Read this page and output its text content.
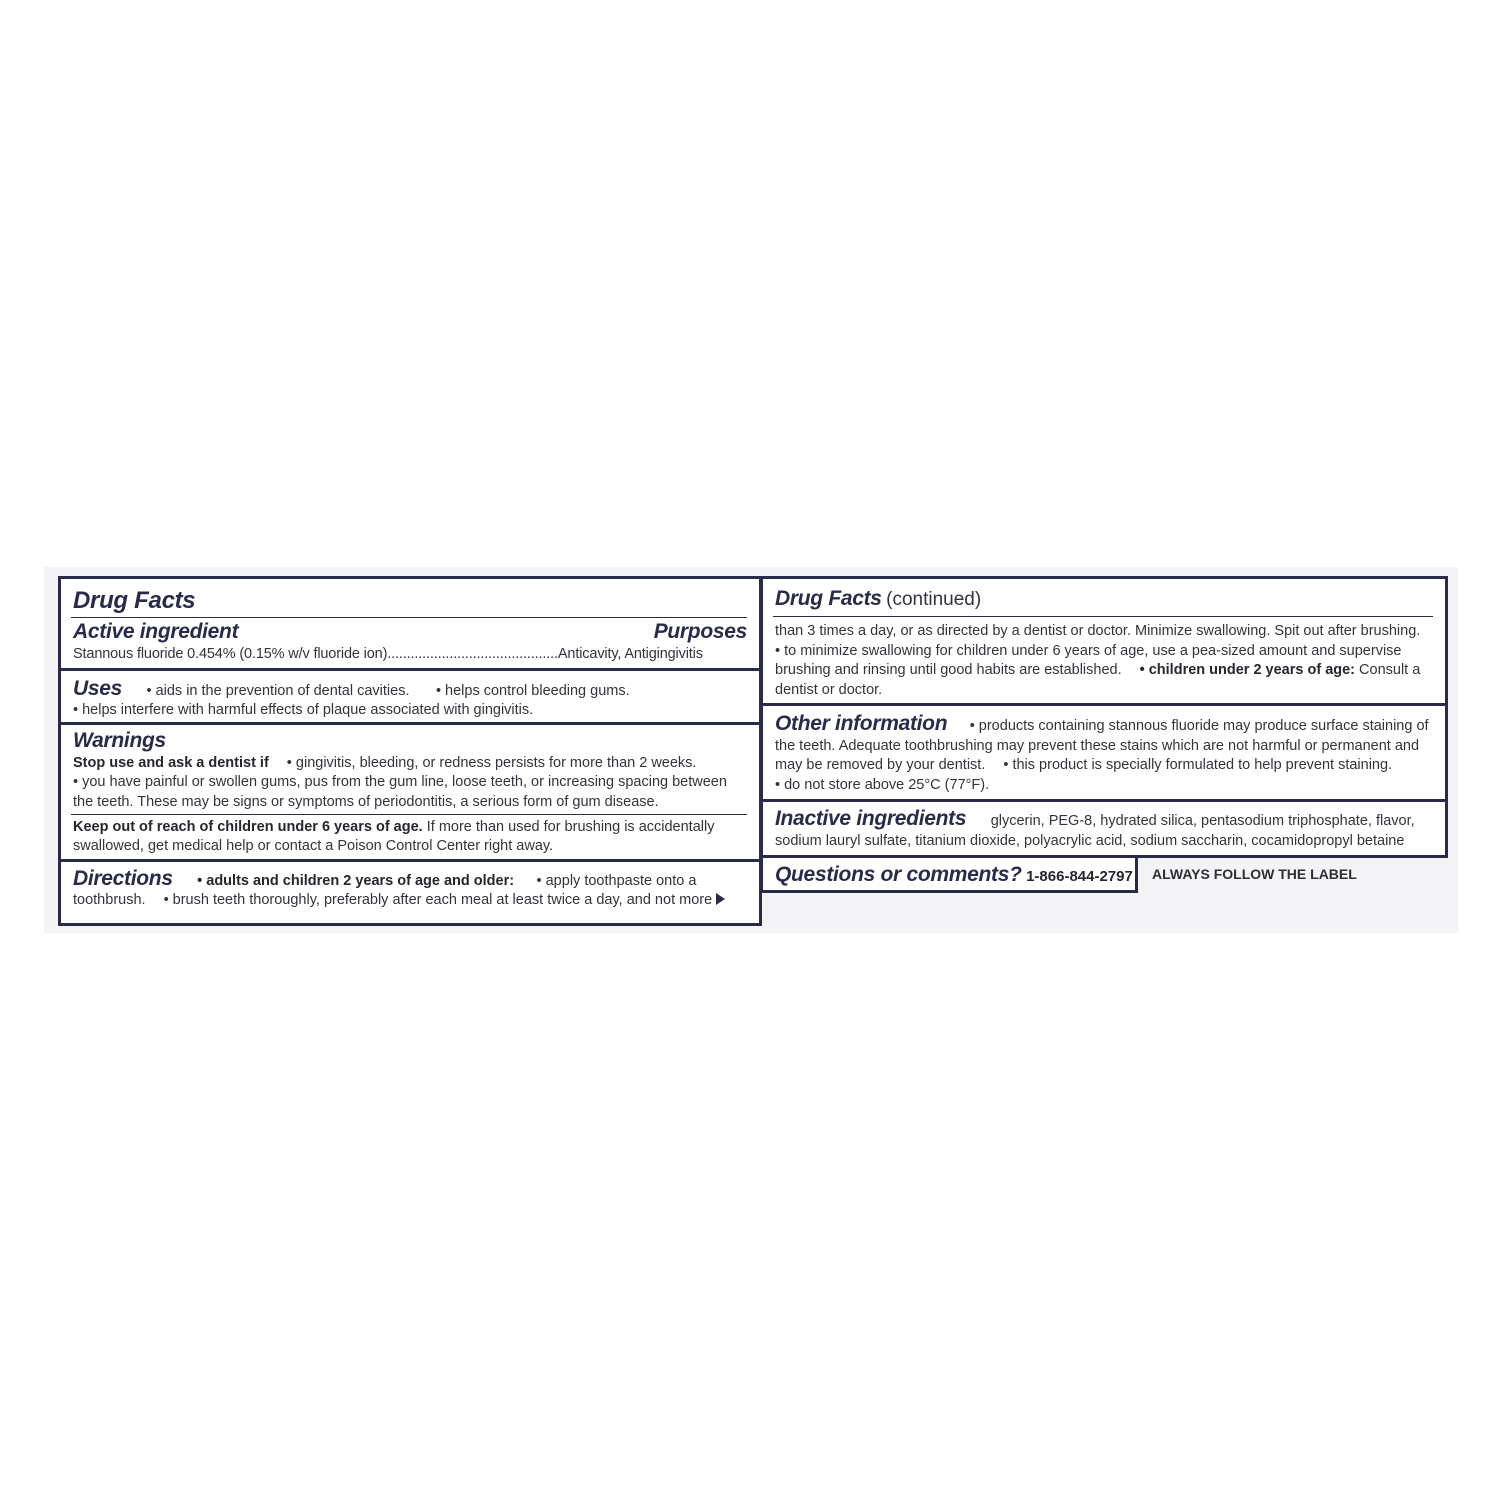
Drug Facts
Active ingredient	Purposes
Stannous fluoride 0.454% (0.15% w/v fluoride ion)............................................Anticavity, Antigingivitis
Uses • aids in the prevention of dental cavities. • helps control bleeding gums.
• helps interfere with harmful effects of plaque associated with gingivitis.
Warnings
Stop use and ask a dentist if • gingivitis, bleeding, or redness persists for more than 2 weeks.
• you have painful or swollen gums, pus from the gum line, loose teeth, or increasing spacing between
the teeth. These may be signs or symptoms of periodontitis, a serious form of gum disease.
Keep out of reach of children under 6 years of age. If more than used for brushing is accidentally
swallowed, get medical help or contact a Poison Control Center right away.
Directions • adults and children 2 years of age and older: • apply toothpaste onto a
toothbrush. • brush teeth thoroughly, preferably after each meal at least twice a day, and not more
Drug Facts (continued)
than 3 times a day, or as directed by a dentist or doctor. Minimize swallowing. Spit out after brushing.
• to minimize swallowing for children under 6 years of age, use a pea-sized amount and supervise
brushing and rinsing until good habits are established. • children under 2 years of age: Consult a
dentist or doctor.
Other information • products containing stannous fluoride may produce surface staining of
the teeth. Adequate toothbrushing may prevent these stains which are not harmful or permanent and
may be removed by your dentist. • this product is specially formulated to help prevent staining.
• do not store above 25°C (77°F).
Inactive ingredients glycerin, PEG-8, hydrated silica, pentasodium triphosphate, flavor,
sodium lauryl sulfate, titanium dioxide, polyacrylic acid, sodium saccharin, cocamidopropyl betaine
Questions or comments? 1-866-844-2797 ALWAYS FOLLOW THE LABEL
